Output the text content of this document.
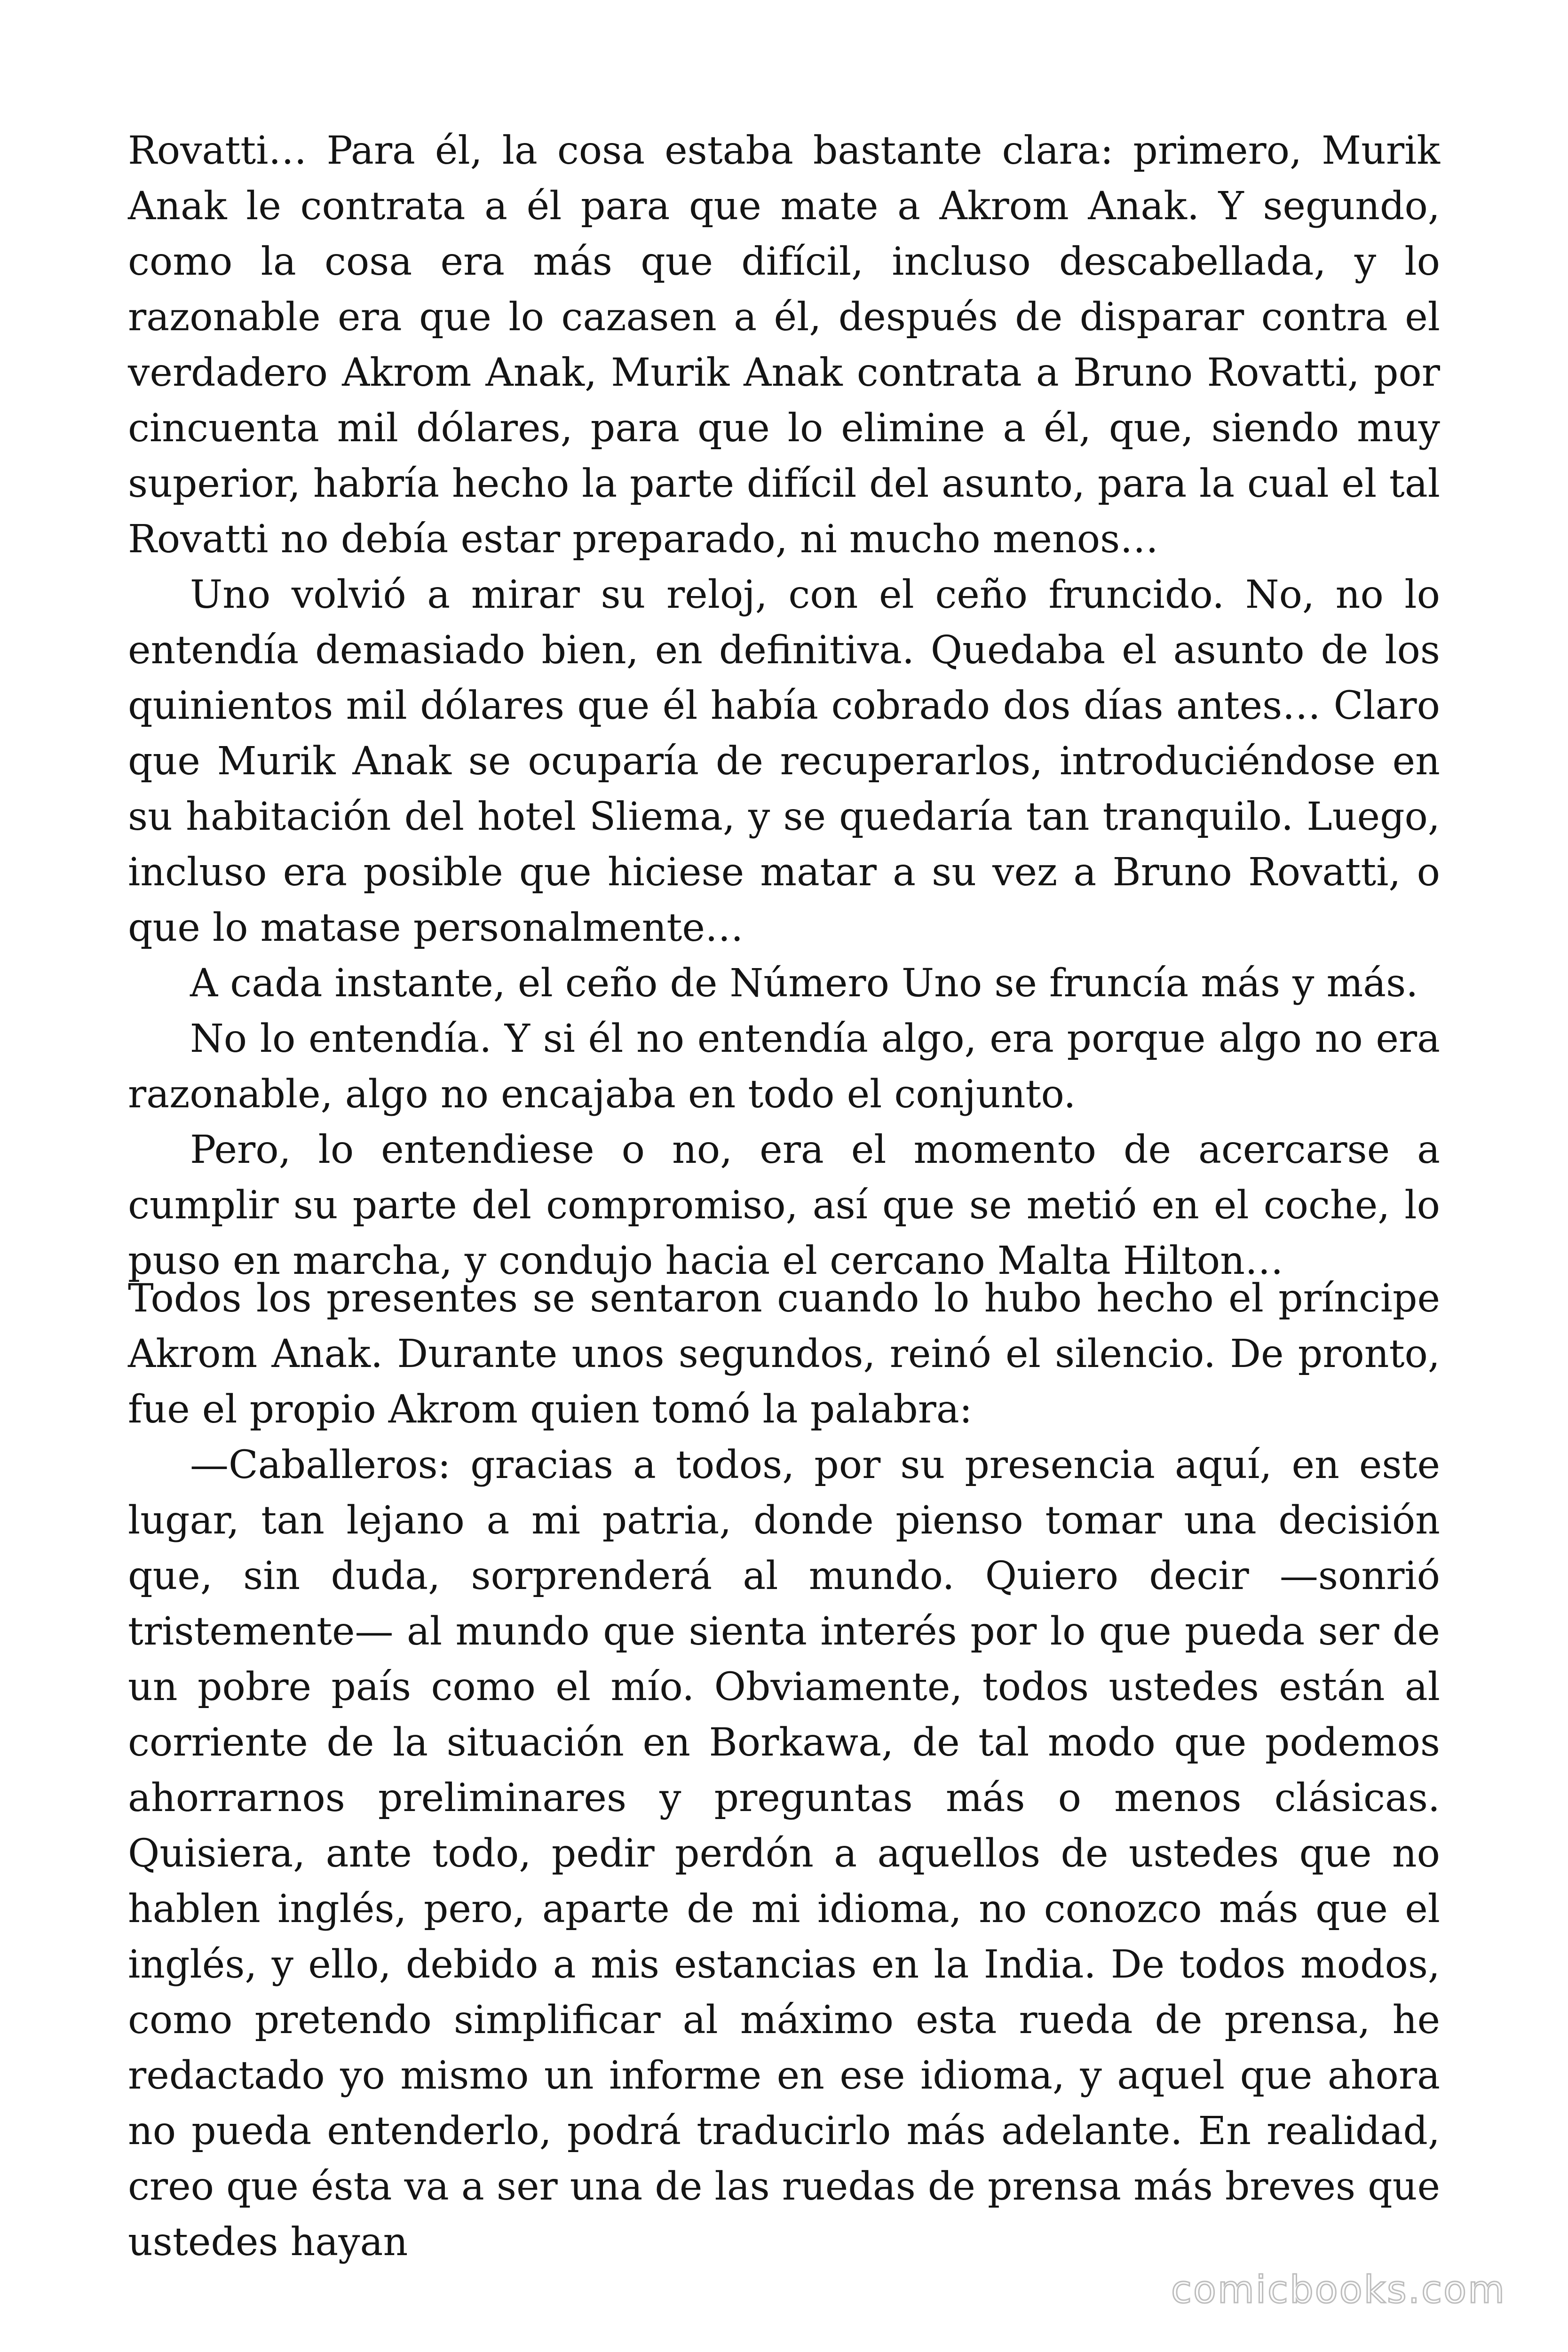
Rovatti… Para él, la cosa estaba bastante clara: primero, Murik Anak le contrata a él para que mate a Akrom Anak. Y segundo, como la cosa era más que difícil, incluso descabellada, y lo razonable era que lo cazasen a él, después de disparar contra el verdadero Akrom Anak, Murik Anak contrata a Bruno Rovatti, por cincuenta mil dólares, para que lo elimine a él, que, siendo muy superior, habría hecho la parte difícil del asunto, para la cual el tal Rovatti no debía estar preparado, ni mucho menos…

Uno volvió a mirar su reloj, con el ceño fruncido. No, no lo entendía demasiado bien, en definitiva. Quedaba el asunto de los quinientos mil dólares que él había cobrado dos días antes… Claro que Murik Anak se ocuparía de recuperarlos, introduciéndose en su habitación del hotel Sliema, y se quedaría tan tranquilo. Luego, incluso era posible que hiciese matar a su vez a Bruno Rovatti, o que lo matase personalmente…

A cada instante, el ceño de Número Uno se fruncía más y más.

No lo entendía. Y si él no entendía algo, era porque algo no era razonable, algo no encajaba en todo el conjunto.

Pero, lo entendiese o no, era el momento de acercarse a cumplir su parte del compromiso, así que se metió en el coche, lo puso en marcha, y condujo hacia el cercano Malta Hilton…

Todos los presentes se sentaron cuando lo hubo hecho el príncipe Akrom Anak. Durante unos segundos, reinó el silencio. De pronto, fue el propio Akrom quien tomó la palabra:

—Caballeros: gracias a todos, por su presencia aquí, en este lugar, tan lejano a mi patria, donde pienso tomar una decisión que, sin duda, sorprenderá al mundo. Quiero decir —sonrió tristemente— al mundo que sienta interés por lo que pueda ser de un pobre país como el mío. Obviamente, todos ustedes están al corriente de la situación en Borkawa, de tal modo que podemos ahorrarnos preliminares y preguntas más o menos clásicas. Quisiera, ante todo, pedir perdón a aquellos de ustedes que no hablen inglés, pero, aparte de mi idioma, no conozco más que el inglés, y ello, debido a mis estancias en la India. De todos modos, como pretendo simplificar al máximo esta rueda de prensa, he redactado yo mismo un informe en ese idioma, y aquel que ahora no pueda entenderlo, podrá traducirlo más adelante. En realidad, creo que ésta va a ser una de las ruedas de prensa más breves que ustedes hayan

comicbooks.com
